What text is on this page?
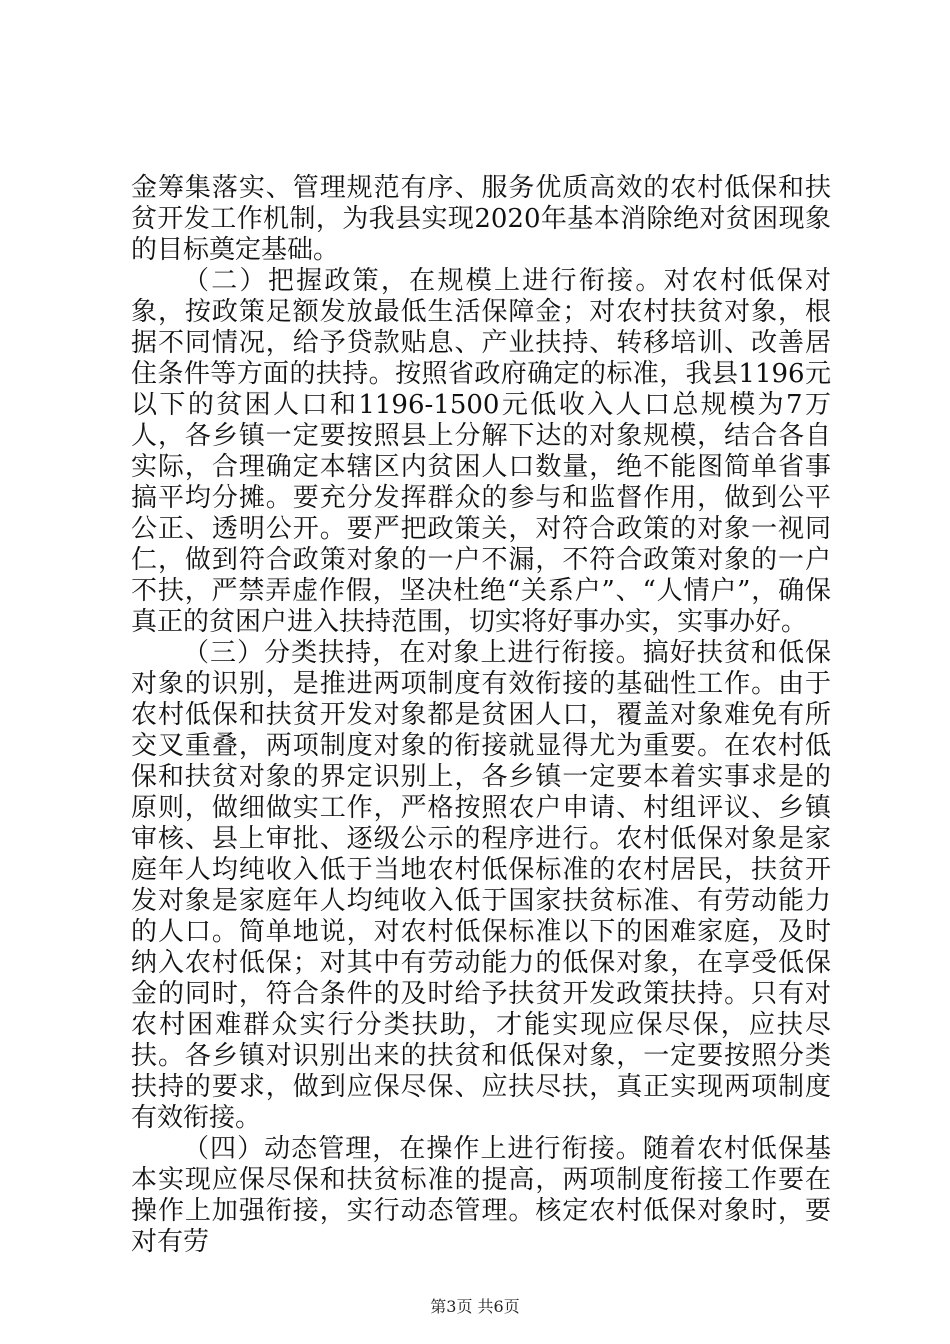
金筹集落实、管理规范有序、服务优质高效的农村低保和扶贫开发工作机制，为我县实现2020年基本消除绝对贫困现象的目标奠定基础。

（二）把握政策，在规模上进行衔接。对农村低保对象，按政策足额发放最低生活保障金；对农村扶贫对象，根据不同情况，给予贷款贴息、产业扶持、转移培训、改善居住条件等方面的扶持。按照省政府确定的标准，我县1196元以下的贫困人口和1196-1500元低收入人口总规模为7万人，各乡镇一定要按照县上分解下达的对象规模，结合各自实际，合理确定本辖区内贫困人口数量，绝不能图简单省事搞平均分摊。要充分发挥群众的参与和监督作用，做到公平公正、透明公开。要严把政策关，对符合政策的对象一视同仁，做到符合政策对象的一户不漏，不符合政策对象的一户不扶，严禁弄虚作假，坚决杜绝“关系户”、“人情户”，确保真正的贫困户进入扶持范围，切实将好事办实，实事办好。

（三）分类扶持，在对象上进行衔接。搞好扶贫和低保对象的识别，是推进两项制度有效衔接的基础性工作。由于农村低保和扶贫开发对象都是贫困人口，覆盖对象难免有所交叉重叠，两项制度对象的衔接就显得尤为重要。在农村低保和扶贫对象的界定识别上，各乡镇一定要本着实事求是的原则，做细做实工作，严格按照农户申请、村组评议、乡镇审核、县上审批、逐级公示的程序进行。农村低保对象是家庭年人均纯收入低于当地农村低保标准的农村居民，扶贫开发对象是家庭年人均纯收入低于国家扶贫标准、有劳动能力的人口。简单地说，对农村低保标准以下的困难家庭，及时纳入农村低保；对其中有劳动能力的低保对象，在享受低保金的同时，符合条件的及时给予扶贫开发政策扶持。只有对农村困难群众实行分类扶助，才能实现应保尽保，应扶尽扶。各乡镇对识别出来的扶贫和低保对象，一定要按照分类扶持的要求，做到应保尽保、应扶尽扶，真正实现两项制度有效衔接。

（四）动态管理，在操作上进行衔接。随着农村低保基本实现应保尽保和扶贫标准的提高，两项制度衔接工作要在操作上加强衔接，实行动态管理。核定农村低保对象时，要对有劳

第3页 共6页
